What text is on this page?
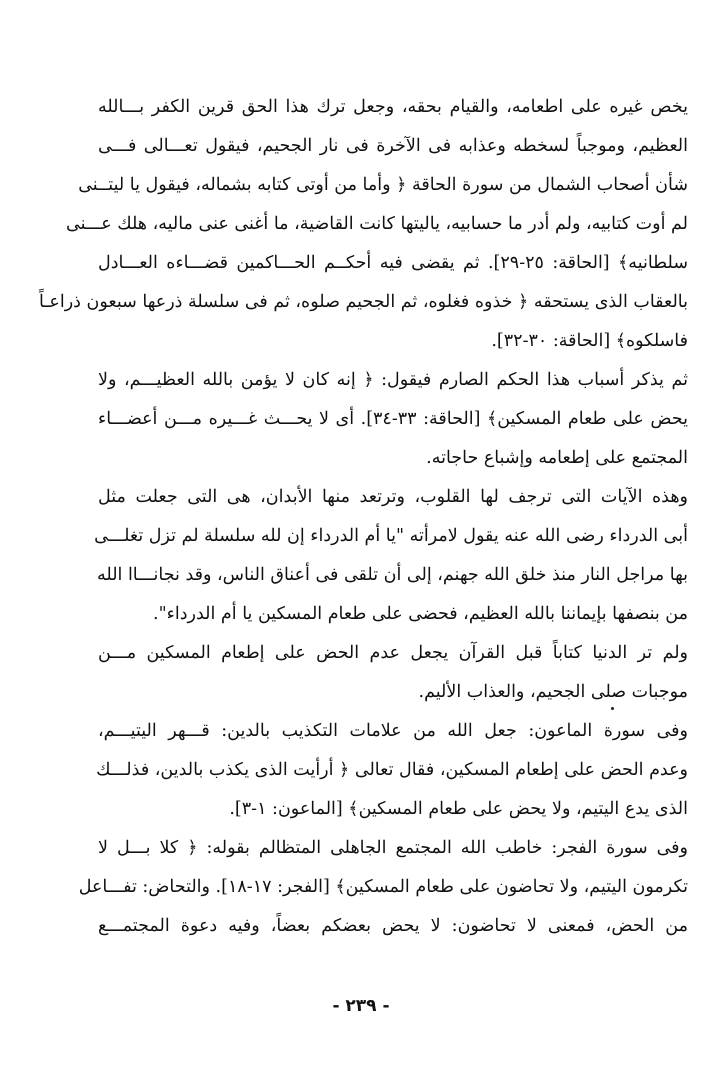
يخص غيره على اطعامه، والقيام بحقه، وجعل ترك هذا الحق قرين الكفر بـــالله
العظيم، وموجباً لسخطه وعذابه فى الآخرة فى نار الجحيم، فيقول تعـــالى فـــى
شأن أصحاب الشمال من سورة الحاقة ﴿ وأما من أوتى كتابه بشماله، فيقول يا ليتــنى
لم أوت كتابيه، ولم أدر ما حسابيه، ياليتها كانت القاضية، ما أغنى عنى ماليه، هلك عـــنى
سلطانيه﴾ [الحاقة: ٢٥-٢٩]. ثم يقضى فيه أحكــم الحـــاكمين قضـــاءه العـــادل
بالعقاب الذى يستحقه ﴿ خذوه فغلوه، ثم الجحيم صلوه، ثم فى سلسلة ذرعها سبعون ذراعـاً
فاسلكوه﴾ [الحاقة: ٣٠-٣٢].
ثم يذكر أسباب هذا الحكم الصارم فيقول: ﴿ إنه كان لا يؤمن بالله العظيـــم، ولا
يحض على طعام المسكين﴾ [الحاقة: ٣٣-٣٤]. أى لا يحـــث غـــيره مـــن أعضـــاء
المجتمع على إطعامه وإشباع حاجاته.
وهذه الآيات التى ترجف لها القلوب، وترتعد منها الأبدان، هى التى جعلت مثل
أبى الدرداء رضى الله عنه يقول لامرأته "يا أم الدرداء إن لله سلسلة لم تزل تغلـــى
بها مراجل النار منذ خلق الله جهنم، إلى أن تلقى فى أعناق الناس، وقد نجانـــاا الله
من بنصفها بإيماننا بالله العظيم، فحضى على طعام المسكين يا أم الدرداء".
ولم تر الدنيا كتاباً قبل القرآن يجعل عدم الحض على إطعام المسكين مـــن
موجبات صلى الجحيم، والعذاب الأليم.
وفى سورة الماعون: جعل الله من علامات التكذيب بالدين: قـــهر اليتيـــم،
وعدم الحض على إطعام المسكين، فقال تعالى ﴿ أرأيت الذى يكذب بالدين، فذلـــك
الذى يدع اليتيم، ولا يحض على طعام المسكين﴾ [الماعون: ١-٣].
وفى سورة الفجر: خاطب الله المجتمع الجاهلى المتظالم بقوله: ﴿ كلا بـــل لا
تكرمون اليتيم، ولا تحاضون على طعام المسكين﴾ [الفجر: ١٧-١٨]. والتحاض: تفـــاعل
من الحض، فمعنى لا تحاضون: لا يحض بعضكم بعضاً، وفيه دعوة المجتمـــع
- ٢٣٩ -
